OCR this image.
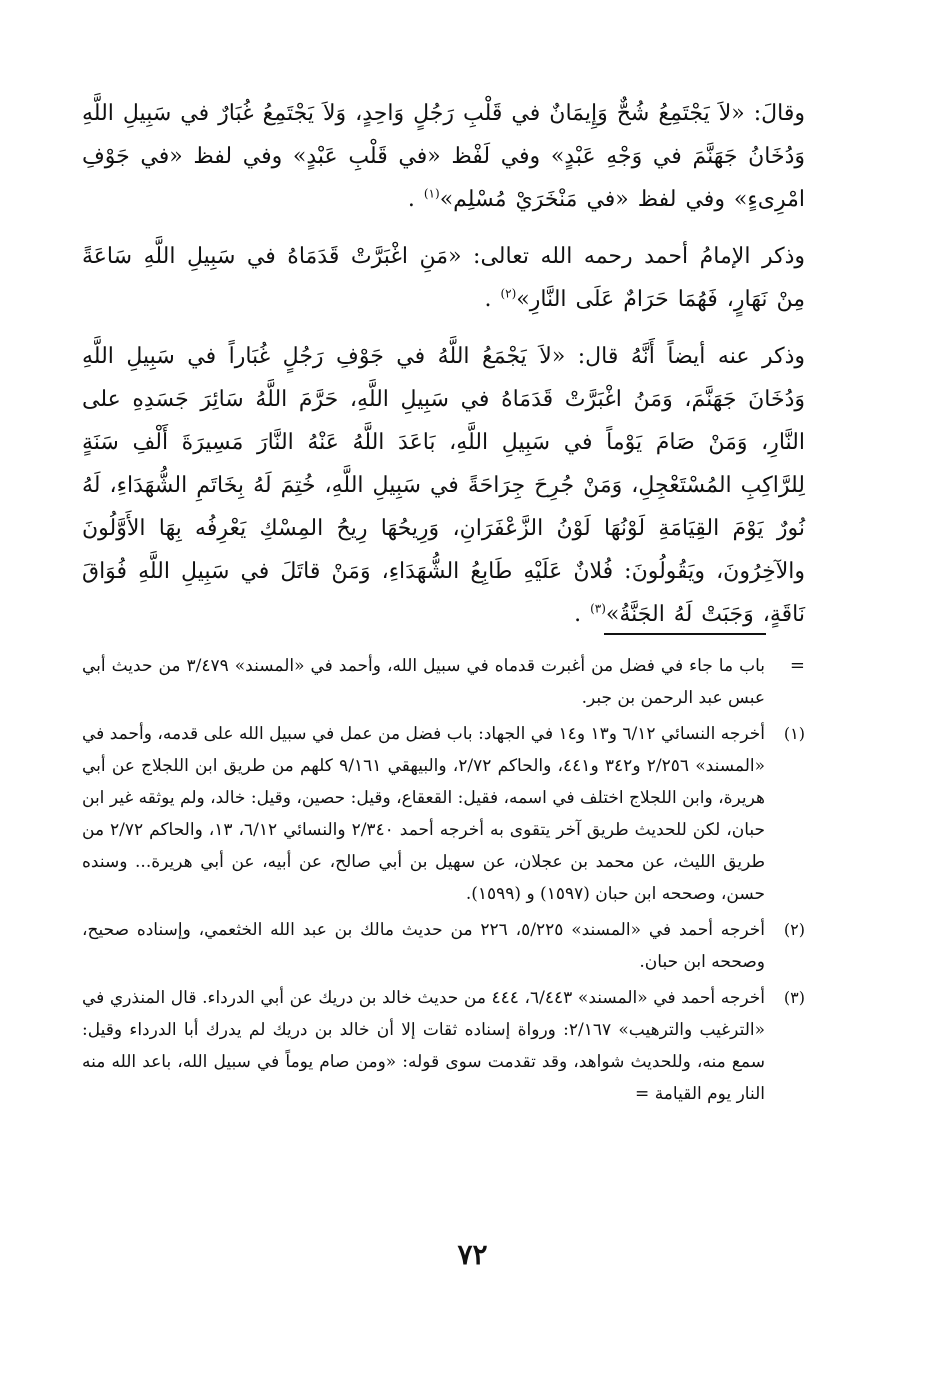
وقالَ: «لاَ يَجْتَمِعُ شُحٌّ وَإِيمَانٌ في قَلْبِ رَجُلٍ وَاحِدٍ، وَلاَ يَجْتَمِعُ غُبَارٌ في سَبِيلِ اللَّهِ وَدُخَانُ جَهَنَّمَ في وَجْهِ عَبْدٍ» وفي لَفْظ «في قَلْبِ عَبْدٍ» وفي لفظ «في جَوْفِ امْرِىءٍ» وفي لفظ «في مَنْخَرَيْ مُسْلِم»$^{(١)}$ .

وذكر الإمامُ أحمد رحمه الله تعالى: «مَنِ اغْبَرَّتْ قَدَمَاهُ في سَبِيلِ اللَّهِ سَاعَةً مِنْ نَهَارٍ، فَهُمَا حَرَامٌ عَلَى النَّارِ»$^{(٢)}$ .

وذكر عنه أيضاً أَنَّهُ قال: «لاَ يَجْمَعُ اللَّهُ في جَوْفِ رَجُلٍ غُبَاراً في سَبِيلِ اللَّهِ وَدُخَانَ جَهَنَّمَ، وَمَنُ اغْبَرَّتْ قَدَمَاهُ في سَبِيلِ اللَّهِ، حَرَّمَ اللَّهُ سَائِرَ جَسَدِهِ على النَّارِ، وَمَنْ صَامَ يَوْماً في سَبِيلِ اللَّهِ، بَاعَدَ اللَّهُ عَنْهُ النَّارَ مَسِيرَةَ أَلْفِ سَنَةٍ لِلرَّاكِبِ المُسْتَعْجِلِ، وَمَنْ جُرِحَ جِرَاحَةً في سَبِيلِ اللَّهِ، خُتِمَ لَهُ بِخَاتَمِ الشُّهَدَاءِ، لَهُ نُورٌ يَوْمَ القِيَامَةِ لَوْنُهَا لَوْنُ الزَّعْفَرَانِ، وَرِيحُهَا رِيحُ المِسْكِ يَعْرِفُه بِهَا الأَوَّلُونَ والآخِرُونَ، ويَقُولُونَ: فُلانٌ عَلَيْهِ طَابِعُ الشُّهَدَاءِ، وَمَنْ قاتَلَ في سَبِيلِ اللَّهِ فُوَاقَ نَاقَةٍ، وَجَبَتْ لَهُ الجَنَّةُ»$^{(٣)}$ .

=
باب ما جاء في فضل من أغبرت قدماه في سبيل الله، وأحمد في «المسند» ٣/٤٧٩ من حديث أبي عبس عبد الرحمن بن جبر.
(١)
أخرجه النسائي ٦/١٢ و١٣ و١٤ في الجهاد: باب فضل من عمل في سبيل الله على قدمه، وأحمد في «المسند» ٢/٢٥٦ و٣٤٢ و٤٤١، والحاكم ٢/٧٢، والبيهقي ٩/١٦١ كلهم من طريق ابن اللجلاج عن أبي هريرة، وابن اللجلاج اختلف في اسمه، فقيل: القعقاع، وقيل: حصين، وقيل: خالد، ولم يوثقه غير ابن حبان، لكن للحديث طريق آخر يتقوى به أخرجه أحمد ٢/٣٤٠ والنسائي ٦/١٢، ١٣، والحاكم ٢/٧٢ من طريق الليث، عن محمد بن عجلان، عن سهيل بن أبي صالح، عن أبيه، عن أبي هريرة... وسنده حسن، وصححه ابن حبان (١٥٩٧) و (١٥٩٩).
(٢)
أخرجه أحمد في «المسند» ٥/٢٢٥، ٢٢٦ من حديث مالك بن عبد الله الخثعمي، وإسناده صحيح، وصححه ابن حبان.
(٣)
أخرجه أحمد في «المسند» ٦/٤٤٣، ٤٤٤ من حديث خالد بن دريك عن أبي الدرداء. قال المنذري في «الترغيب والترهيب» ٢/١٦٧: ورواة إسناده ثقات إلا أن خالد بن دريك لم يدرك أبا الدرداء وقيل: سمع منه، وللحديث شواهد، وقد تقدمت سوى قوله: «ومن صام يوماً في سبيل الله، باعد الله منه النار يوم القيامة =
٧٢
